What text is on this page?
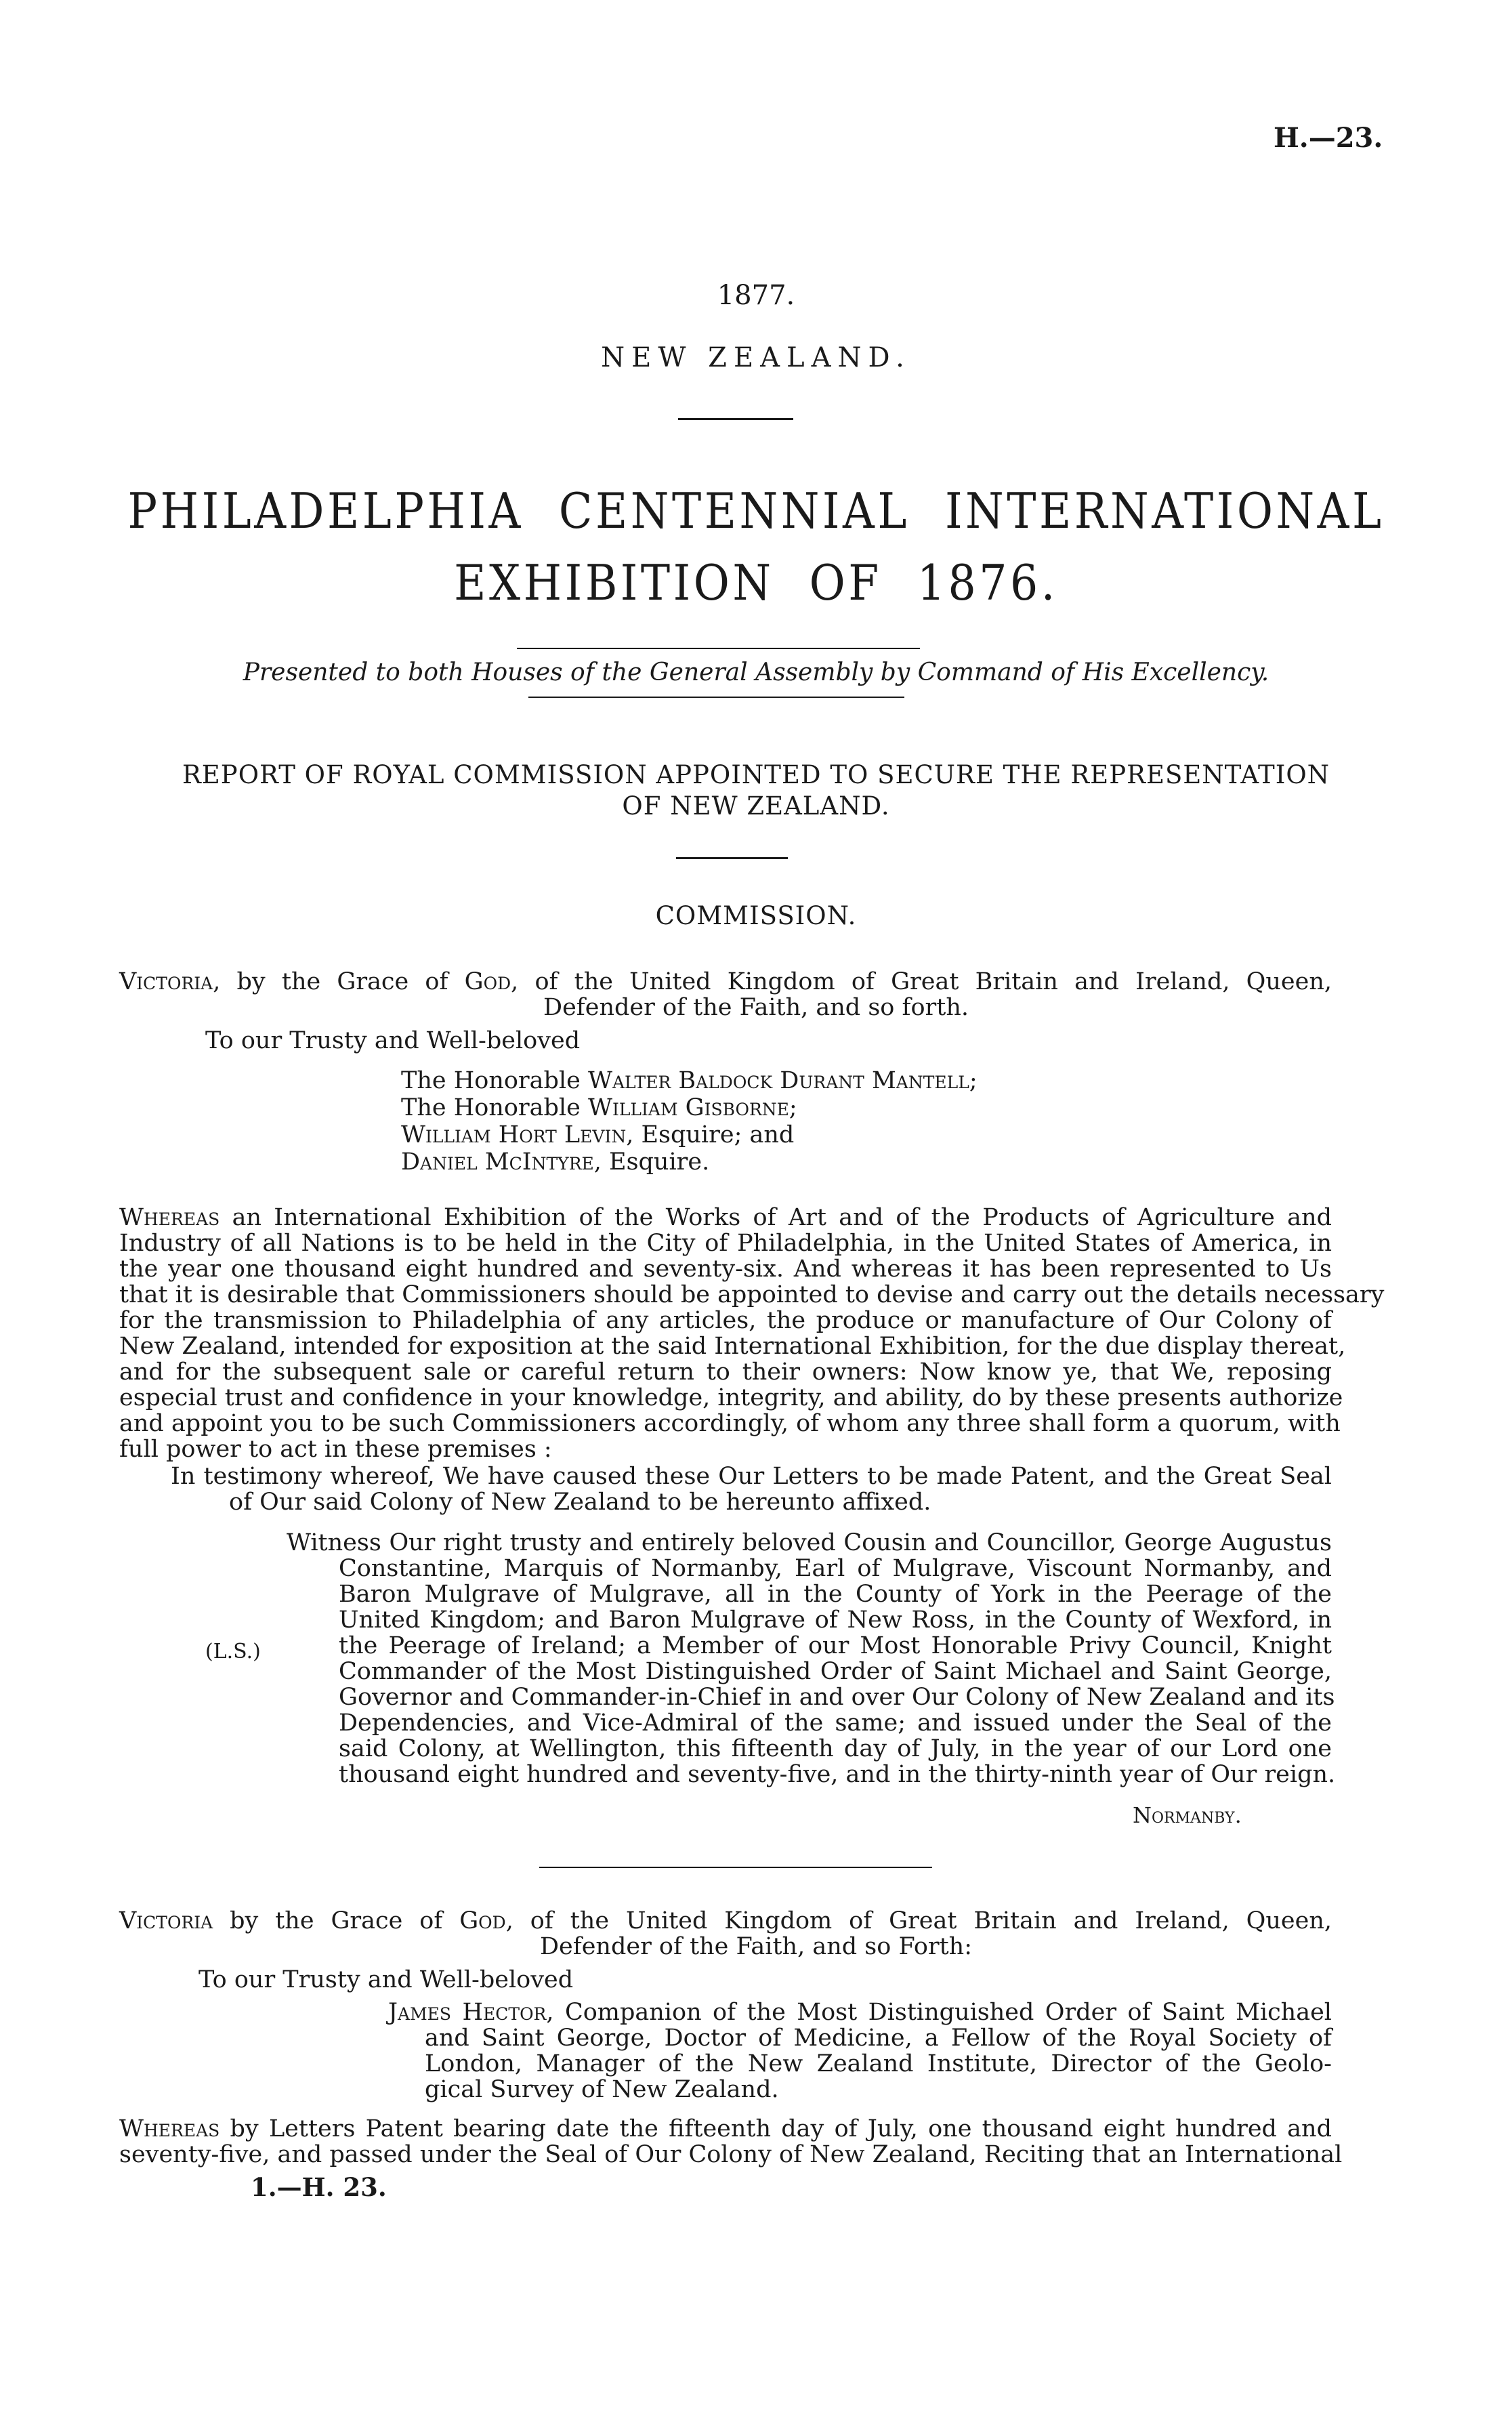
H.—23.
1877.
NEW ZEALAND.
PHILADELPHIA CENTENNIAL INTERNATIONAL
EXHIBITION OF 1876.
Presented to both Houses of the General Assembly by Command of His Excellency.
REPORT OF ROYAL COMMISSION APPOINTED TO SECURE THE REPRESENTATION
OF NEW ZEALAND.
COMMISSION.
Victoria, by the Grace of God, of the United Kingdom of Great Britain and Ireland, Queen,
Defender of the Faith, and so forth.
To our Trusty and Well-beloved
The Honorable Walter Baldock Durant Mantell;
The Honorable William Gisborne;
William Hort Levin, Esquire; and
Daniel McIntyre, Esquire.
Whereas an International Exhibition of the Works of Art and of the Products of Agriculture and
Industry of all Nations is to be held in the City of Philadelphia, in the United States of America, in
the year one thousand eight hundred and seventy-six. And whereas it has been represented to Us
that it is desirable that Commissioners should be appointed to devise and carry out the details necessary
for the transmission to Philadelphia of any articles, the produce or manufacture of Our Colony of
New Zealand, intended for exposition at the said International Exhibition, for the due display thereat,
and for the subsequent sale or careful return to their owners: Now know ye, that We, reposing
especial trust and confidence in your knowledge, integrity, and ability, do by these presents authorize
and appoint you to be such Commissioners accordingly, of whom any three shall form a quorum, with
full power to act in these premises :
In testimony whereof, We have caused these Our Letters to be made Patent, and the Great Seal
of Our said Colony of New Zealand to be hereunto affixed.
Witness Our right trusty and entirely beloved Cousin and Councillor, George Augustus
Constantine, Marquis of Normanby, Earl of Mulgrave, Viscount Normanby, and
Baron Mulgrave of Mulgrave, all in the County of York in the Peerage of the
United Kingdom; and Baron Mulgrave of New Ross, in the County of Wexford, in
(L.S.)	the Peerage of Ireland; a Member of our Most Honorable Privy Council, Knight
Commander of the Most Distinguished Order of Saint Michael and Saint George,
Governor and Commander-in-Chief in and over Our Colony of New Zealand and its
Dependencies, and Vice-Admiral of the same; and issued under the Seal of the
said Colony, at Wellington, this fifteenth day of July, in the year of our Lord one
thousand eight hundred and seventy-five, and in the thirty-ninth year of Our reign.
Normanby.
Victoria by the Grace of God, of the United Kingdom of Great Britain and Ireland, Queen,
Defender of the Faith, and so Forth:
To our Trusty and Well-beloved
James Hector, Companion of the Most Distinguished Order of Saint Michael
and Saint George, Doctor of Medicine, a Fellow of the Royal Society of
London, Manager of the New Zealand Institute, Director of the Geolo-
gical Survey of New Zealand.
Whereas by Letters Patent bearing date the fifteenth day of July, one thousand eight hundred and
seventy-five, and passed under the Seal of Our Colony of New Zealand, Reciting that an International
1.—H. 23.
